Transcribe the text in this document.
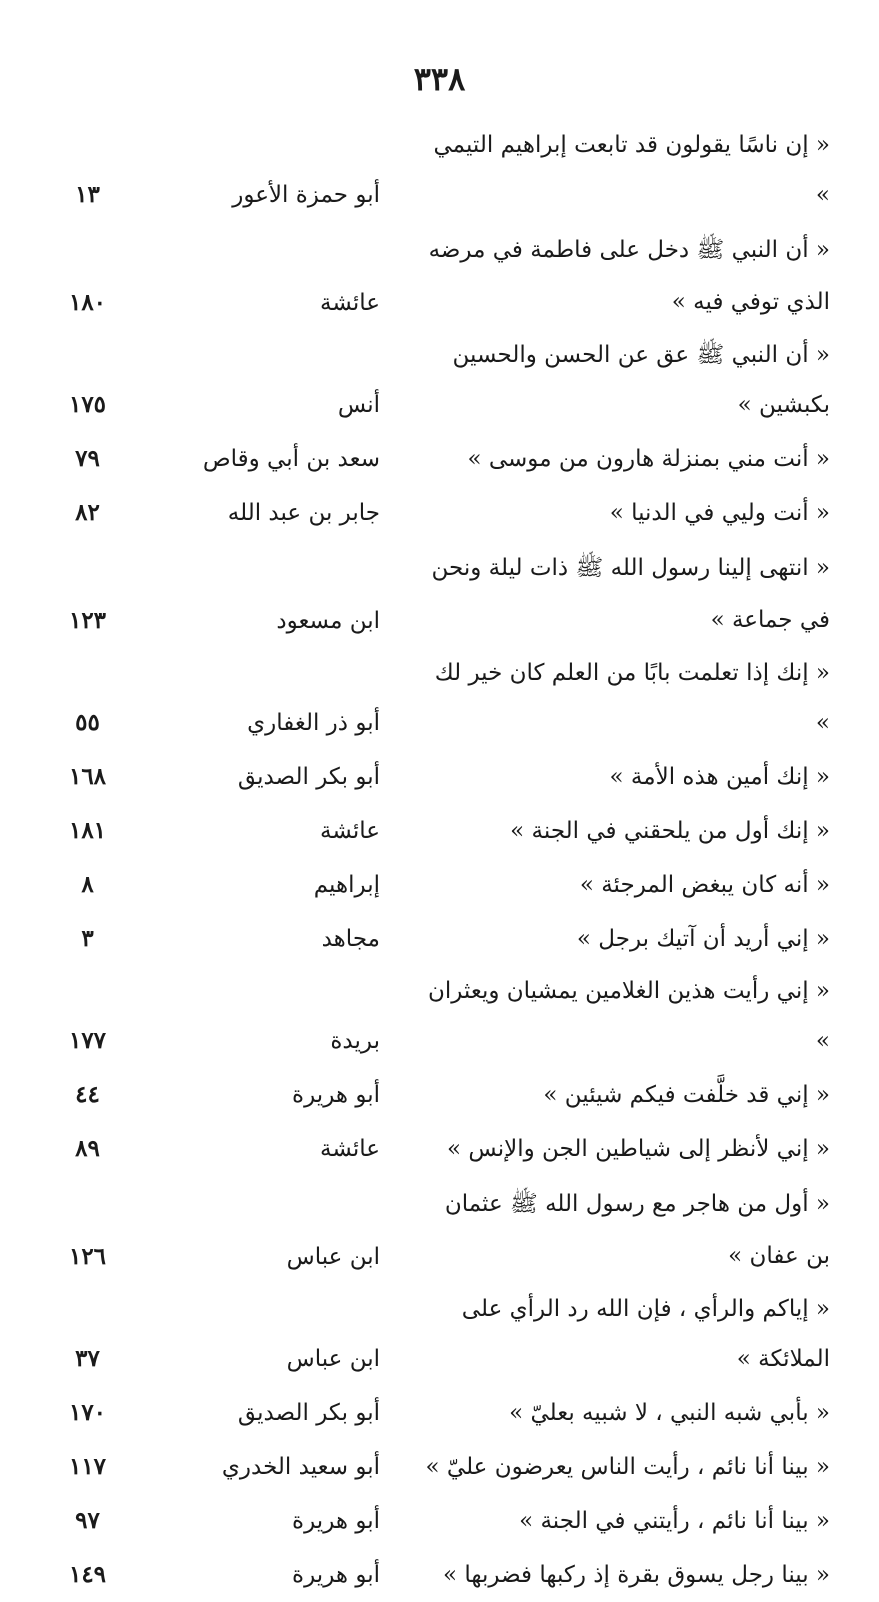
٣٣٨
« إن ناسًا يقولون قد تابعت إبراهيم التيمي »
أبو حمزة الأعور
١٣
« أن النبي ﷺ دخل على فاطمة في مرضه الذي توفي فيه »
عائشة
١٨٠
« أن النبي ﷺ عق عن الحسن والحسين بكبشين »
أنس
١٧٥
« أنت مني بمنزلة هارون من موسى »
سعد بن أبي وقاص
٧٩
« أنت وليي في الدنيا »
جابر بن عبد الله
٨٢
« انتهى إلينا رسول الله ﷺ ذات ليلة ونحن في جماعة »
ابن مسعود
١٢٣
« إنك إذا تعلمت بابًا من العلم كان خير لك »
أبو ذر الغفاري
٥٥
« إنك أمين هذه الأمة »
أبو بكر الصديق
١٦٨
« إنك أول من يلحقني في الجنة »
عائشة
١٨١
« أنه كان يبغض المرجئة »
إبراهيم
٨
« إني أريد أن آتيك برجل »
مجاهد
٣
« إني رأيت هذين الغلامين يمشيان ويعثران »
بريدة
١٧٧
« إني قد خلَّفت فيكم شيئين »
أبو هريرة
٤٤
« إني لأنظر إلى شياطين الجن والإنس »
عائشة
٨٩
« أول من هاجر مع رسول الله ﷺ عثمان بن عفان »
ابن عباس
١٢٦
« إياكم والرأي ، فإن الله رد الرأي على الملائكة »
ابن عباس
٣٧
« بأبي شبه النبي ، لا شبيه بعليّ »
أبو بكر الصديق
١٧٠
« بينا أنا نائم ، رأيت الناس يعرضون عليّ »
أبو سعيد الخدري
١١٧
« بينا أنا نائم ، رأيتني في الجنة »
أبو هريرة
٩٧
« بينا رجل يسوق بقرة إذ ركبها فضربها »
أبو هريرة
١٤٩
